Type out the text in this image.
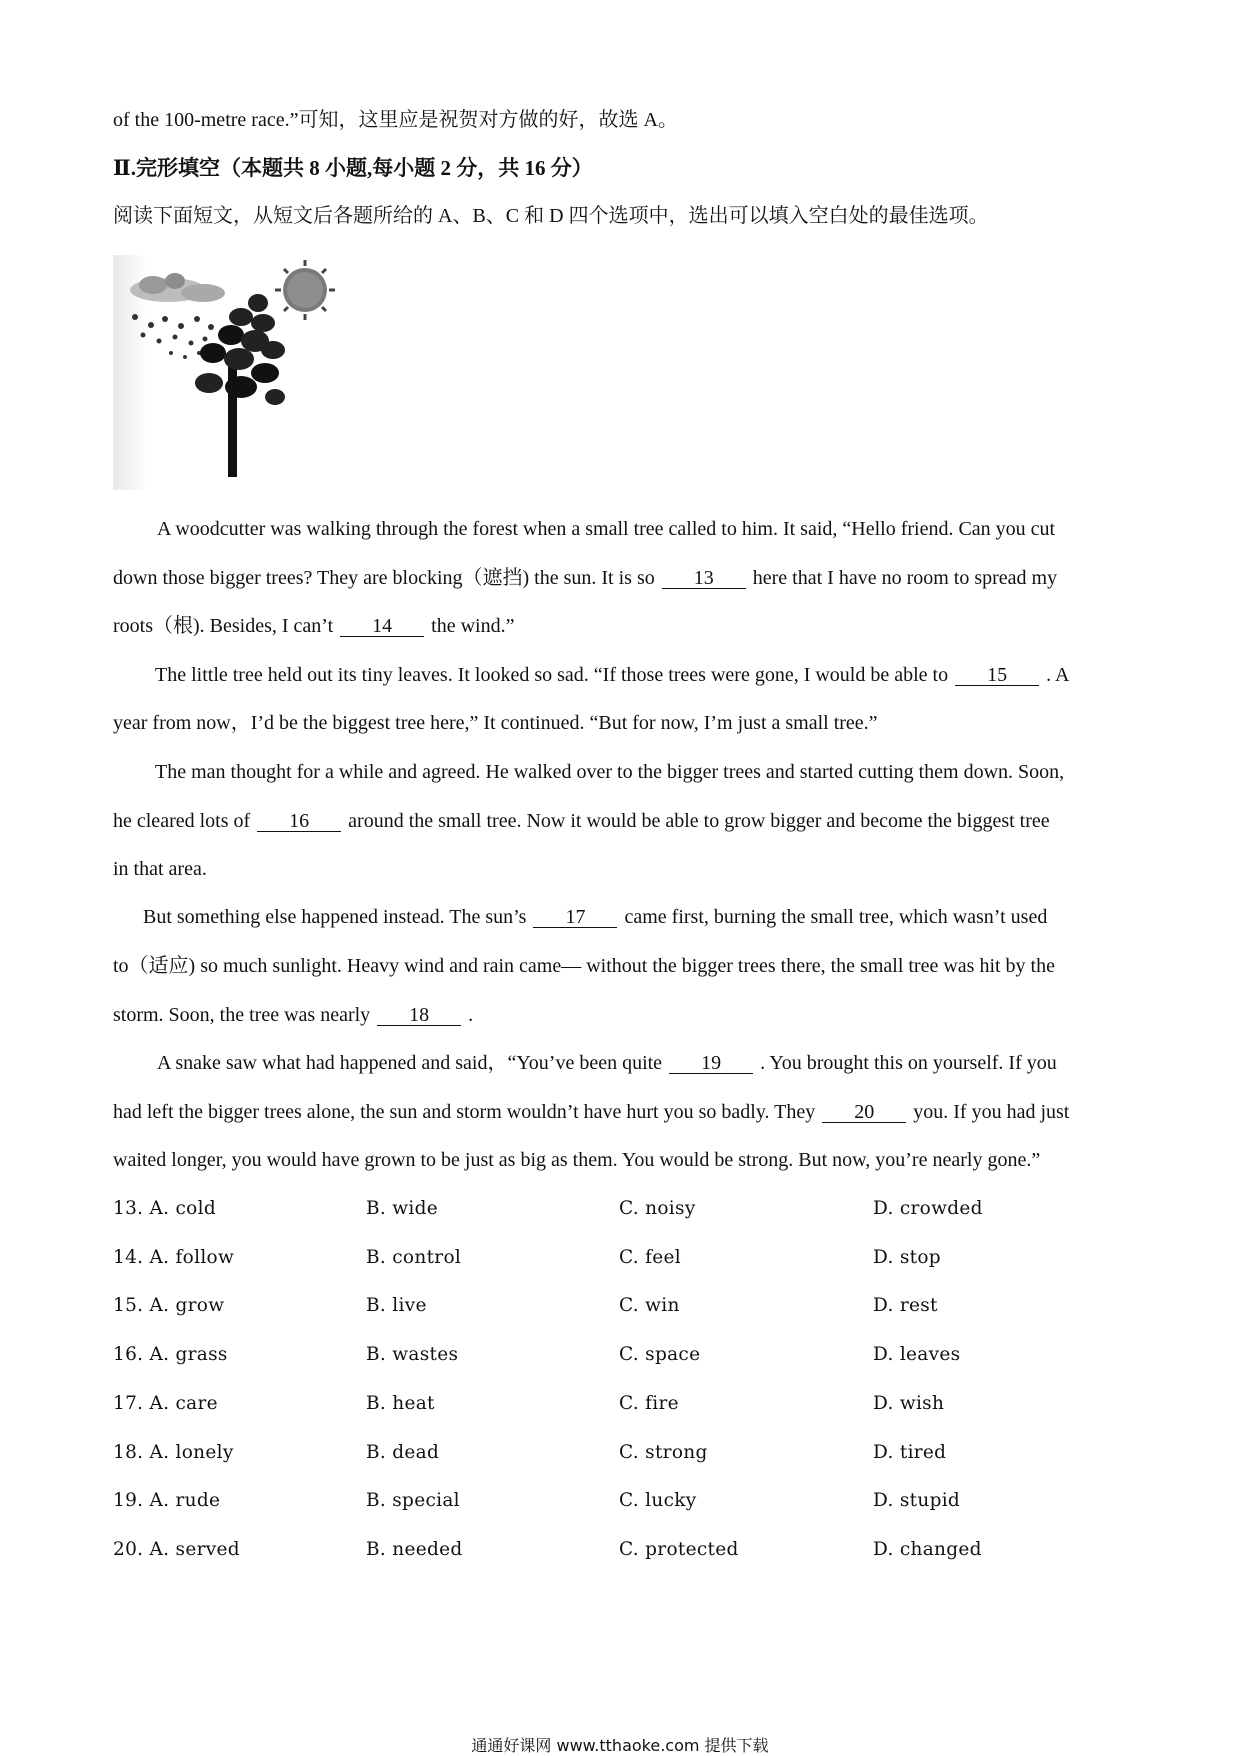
of the 100-metre race.”可知，这里应是祝贺对方做的好，故选 A。
Ⅱ.完形填空（本题共 8 小题,每小题 2 分，共 16 分）
阅读下面短文，从短文后各题所给的 A、B、C 和 D 四个选项中，选出可以填入空白处的最佳选项。
A woodcutter was walking through the forest when a small tree called to him. It said, “Hello friend. Can you cut
down those bigger trees? They are blocking（遮挡) the sun. It is so 13 here that I have no room to spread my
roots（根). Besides, I can’t 14 the wind.”
The little tree held out its tiny leaves. It looked so sad. “If those trees were gone, I would be able to 15 . A
year from now，I’d be the biggest tree here,” It continued. “But for now, I’m just a small tree.”
The man thought for a while and agreed. He walked over to the bigger trees and started cutting them down. Soon,
he cleared lots of 16 around the small tree. Now it would be able to grow bigger and become the biggest tree
in that area.
But something else happened instead. The sun’s 17 came first, burning the small tree, which wasn’t used
to（适应) so much sunlight. Heavy wind and rain came— without the bigger trees there, the small tree was hit by the
storm. Soon, the tree was nearly 18 .
A snake saw what had happened and said，“You’ve been quite 19 . You brought this on yourself. If you
had left the bigger trees alone, the sun and storm wouldn’t have hurt you so badly. They 20 you. If you had just
waited longer, you would have grown to be just as big as them. You would be strong. But now, you’re nearly gone.”
13. A. cold	B. wide	C. noisy	D. crowded
14. A. follow	B. control	C. feel	D. stop
15. A. grow	B. live	C. win	D. rest
16. A. grass	B. wastes	C. space	D. leaves
17. A. care	B. heat	C. fire	D. wish
18. A. lonely	B. dead	C. strong	D. tired
19. A. rude	B. special	C. lucky	D. stupid
20. A. served	B. needed	C. protected	D. changed
通通好课网 www.tthaoke.com 提供下载
